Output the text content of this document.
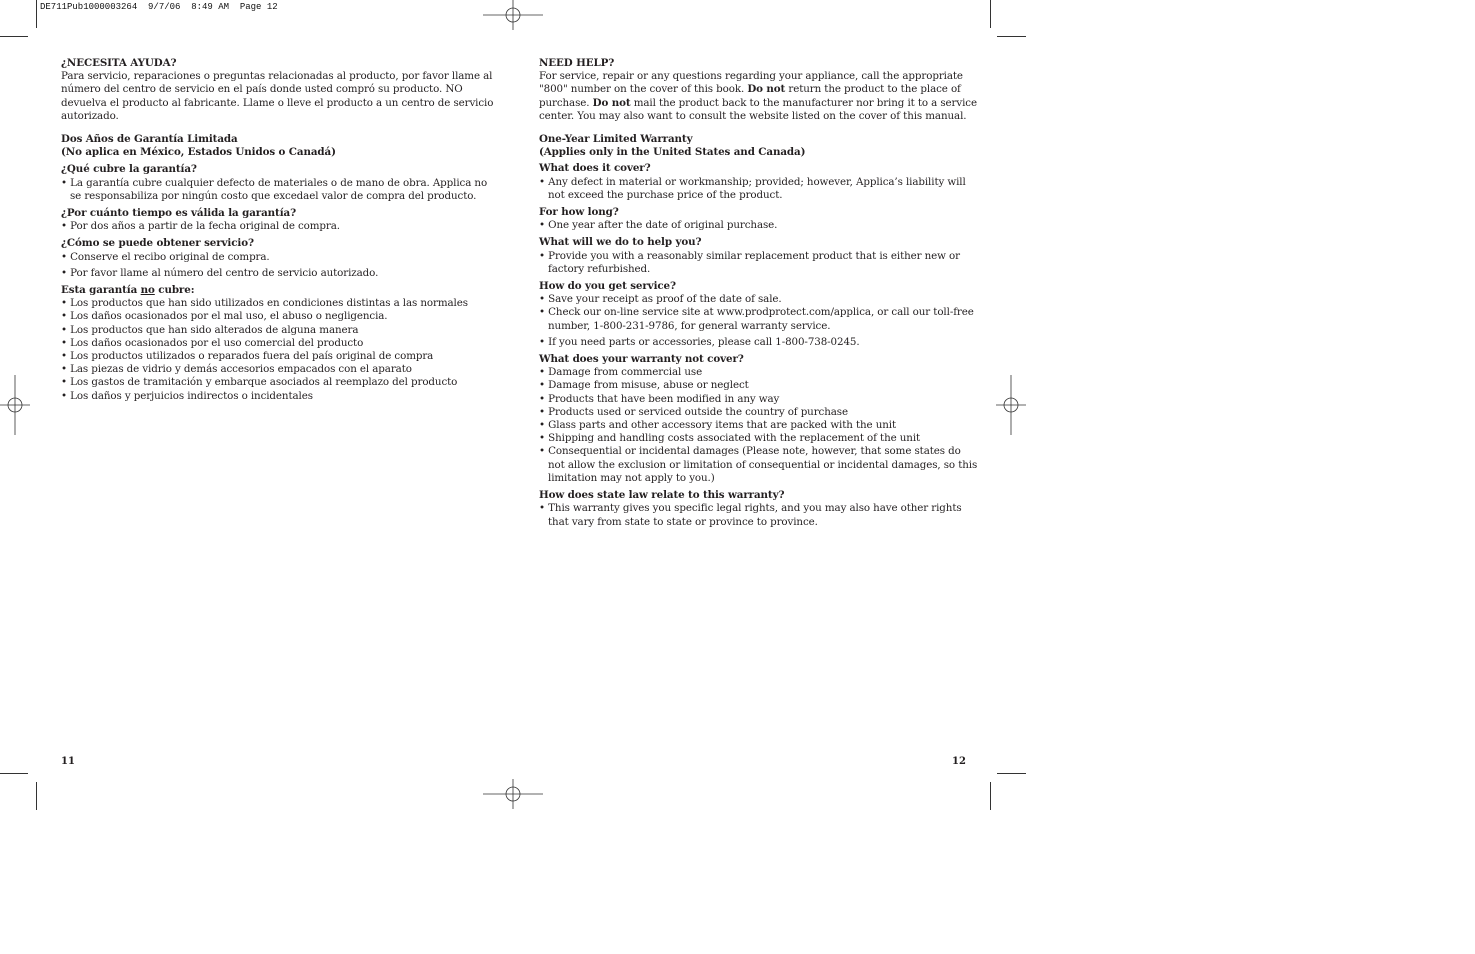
DE711Pub1000003264  9/7/06  8:49 AM  Page 12

¿NECESITA AYUDA?

Para servicio, reparaciones o preguntas relacionadas al producto, por favor llame al número del centro de servicio en el país donde usted compró su producto. NO devuelva el producto al fabricante. Llame o lleve el producto a un centro de servicio autorizado.

Dos Años de Garantía Limitada

(No aplica en México, Estados Unidos o Canadá)

¿Qué cubre la garantía?

• La garantía cubre cualquier defecto de materiales o de mano de obra. Applica no se responsabiliza por ningún costo que excedael valor de compra del producto.

¿Por cuánto tiempo es válida la garantía?

• Por dos años a partir de la fecha original de compra.

¿Cómo se puede obtener servicio?

• Conserve el recibo original de compra.

• Por favor llame al número del centro de servicio autorizado.

Esta garantía no cubre:

• Los productos que han sido utilizados en condiciones distintas a las normales

• Los daños ocasionados por el mal uso, el abuso o negligencia.

• Los productos que han sido alterados de alguna manera

• Los daños ocasionados por el uso comercial del producto

• Los productos utilizados o reparados fuera del país original de compra

• Las piezas de vidrio y demás accesorios empacados con el aparato

• Los gastos de tramitación y embarque asociados al reemplazo del producto

• Los daños y perjuicios indirectos o incidentales

NEED HELP?

For service, repair or any questions regarding your appliance, call the appropriate "800" number on the cover of this book. Do not return the product to the place of purchase. Do not mail the product back to the manufacturer nor bring it to a service center. You may also want to consult the website listed on the cover of this manual.

One-Year Limited Warranty

(Applies only in the United States and Canada)

What does it cover?

• Any defect in material or workmanship; provided; however, Applica’s liability will not exceed the purchase price of the product.

For how long?

• One year after the date of original purchase.

What will we do to help you?

• Provide you with a reasonably similar replacement product that is either new or factory refurbished.

How do you get service?

• Save your receipt as proof of the date of sale.

• Check our on-line service site at www.prodprotect.com/applica, or call our toll-free number, 1-800-231-9786, for general warranty service.

• If you need parts or accessories, please call 1-800-738-0245.

What does your warranty not cover?

• Damage from commercial use

• Damage from misuse, abuse or neglect

• Products that have been modified in any way

• Products used or serviced outside the country of purchase

• Glass parts and other accessory items that are packed with the unit

• Shipping and handling costs associated with the replacement of the unit

• Consequential or incidental damages (Please note, however, that some states do not allow the exclusion or limitation of consequential or incidental damages, so this limitation may not apply to you.)

How does state law relate to this warranty?

• This warranty gives you specific legal rights, and you may also have other rights that vary from state to state or province to province.

11	12
